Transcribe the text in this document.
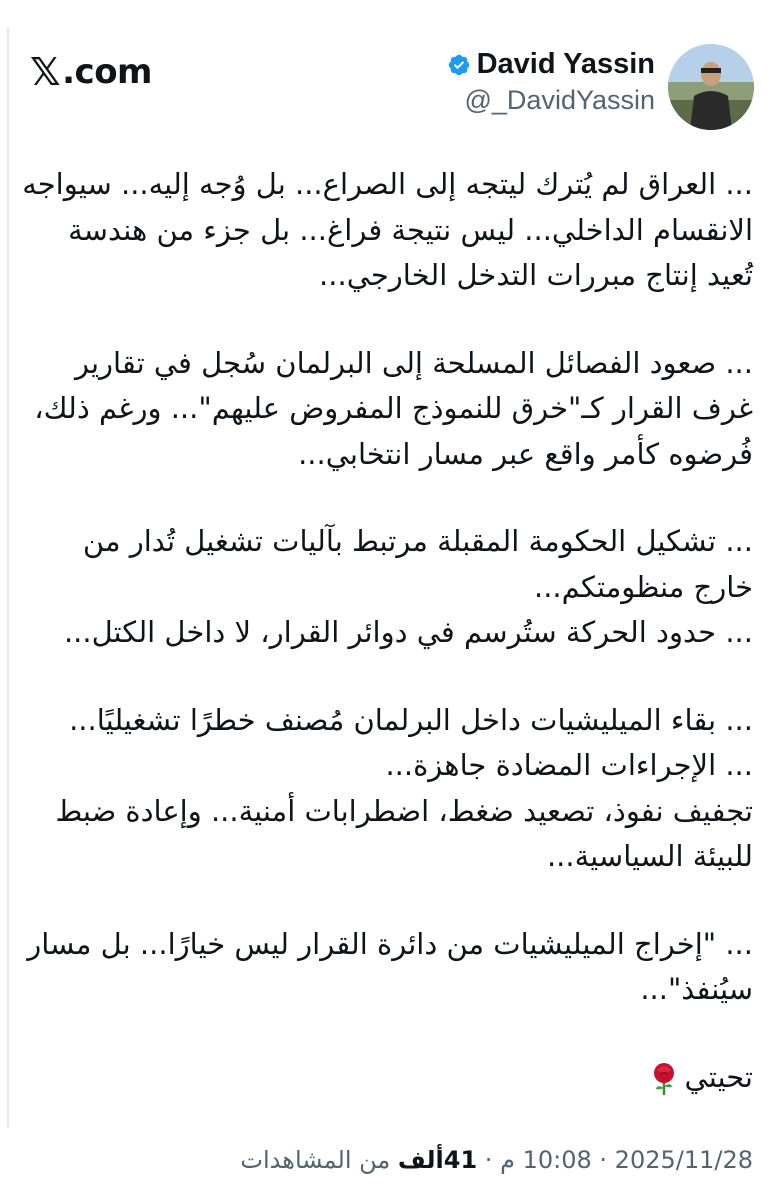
𝕏 .com	David Yassin
@_DavidYassin

... العراق لم يُترك ليتجه إلى الصراع... بل وُجه إليه... سيواجه الانقسام الداخلي... ليس نتيجة فراغ... بل جزء من هندسة تُعيد إنتاج مبررات التدخل الخارجي...

... صعود الفصائل المسلحة إلى البرلمان سُجل في تقارير غرف القرار كـ"خرق للنموذج المفروض عليهم"... ورغم ذلك، فُرضوه كأمر واقع عبر مسار انتخابي...

... تشكيل الحكومة المقبلة مرتبط بآليات تشغيل تُدار من خارج منظومتكم...
... حدود الحركة ستُرسم في دوائر القرار، لا داخل الكتل...

... بقاء الميليشيات داخل البرلمان مُصنف خطرًا تشغيليًا...
... الإجراءات المضادة جاهزة...
تجفيف نفوذ، تصعيد ضغط، اضطرابات أمنية... وإعادة ضبط للبيئة السياسية...

... "إخراج الميليشيات من دائرة القرار ليس خيارًا... بل مسار سيُنفذ"...

تحيتي

2025/11/28 · 10:08 م · 41ألف من المشاهدات
